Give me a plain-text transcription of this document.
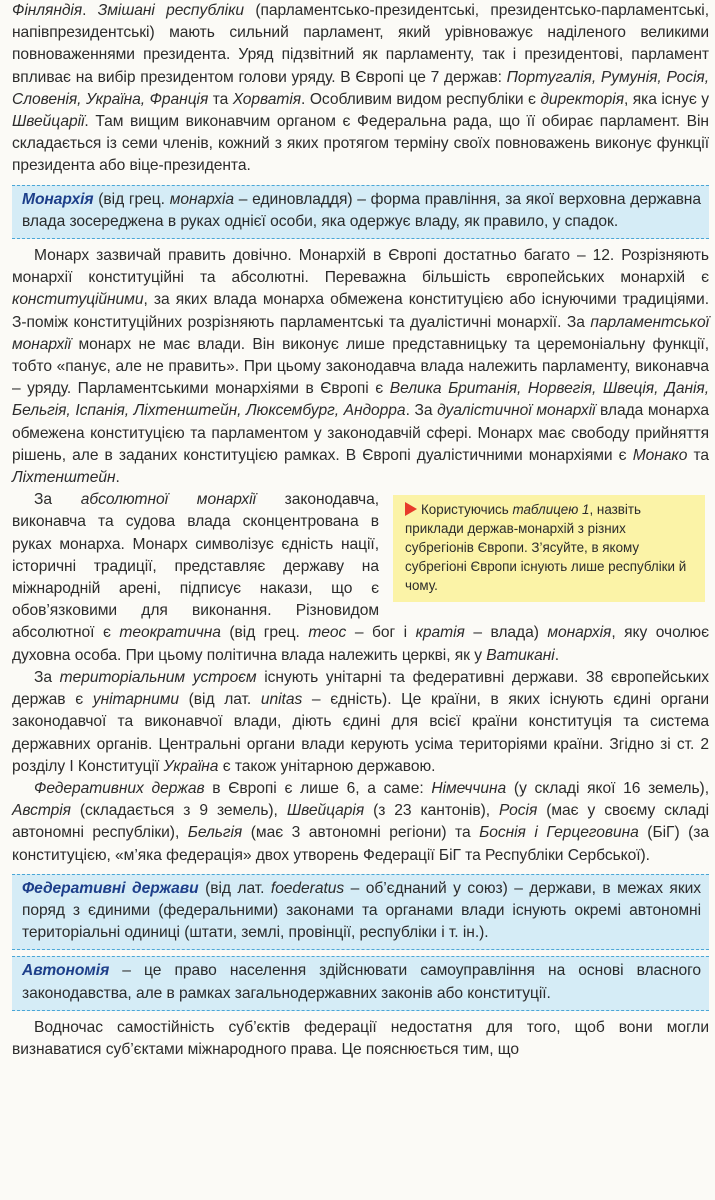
Фінляндія. Змішані республіки (парламентсько-президентські, президентсько-парламентські, напівпрезидентські) мають сильний парламент, який урівноважує наділеного великими повноваженнями президента. Уряд підзвітний як парламенту, так і президентові, парламент впливає на вибір президентом голови уряду. В Європі це 7 держав: Португалія, Румунія, Росія, Словенія, Україна, Франція та Хорватія. Особливим видом республіки є директорія, яка існує у Швейцарії. Там вищим виконавчим органом є Федеральна рада, що її обирає парламент. Він складається із семи членів, кожний з яких протягом терміну своїх повноважень виконує функції президента або віце-президента.

Монархія (від грец. монархіа – единовладдя) – форма правління, за якої верховна державна влада зосереджена в руках однієї особи, яка одержує владу, як правило, у спадок.

Монарх зазвичай править довічно. Монархій в Європі достатньо багато – 12. Розрізняють монархії конституційні та абсолютні. Переважна більшість європейських монархій є конституційними, за яких влада монарха обмежена конституцією або існуючими традиціями. З-поміж конституційних розрізняють парламентські та дуалістичні монархії. За парламентської монархії монарх не має влади. Він виконує лише представницьку та церемоніальну функції, тобто «панує, але не править». При цьому законодавча влада належить парламенту, виконавча – уряду. Парламентськими монархіями в Європі є Велика Британія, Норвегія, Швеція, Данія, Бельгія, Іспанія, Ліхтенштейн, Люксембург, Андорра. За дуалістичної монархії влада монарха обмежена конституцією та парламентом у законодавчій сфері. Монарх має свободу прийняття рішень, але в заданих конституцією рамках. В Європі дуалістичними монархіями є Монако та Ліхтенштейн.

Користуючись таблицею 1, назвіть приклади держав-монархій з різних субрегіонів Європи. З’ясуйте, в якому субрегіоні Європи існують лише республіки й чому.

За абсолютної монархії законодавча, виконавча та судова влада сконцентрована в руках монарха. Монарх символізує єдність нації, історичні традиції, представляє державу на міжнародній арені, підписує накази, що є обов’язковими для виконання. Різновидом абсолютної є теократична (від грец. теос – бог і кратія – влада) монархія, яку очолює духовна особа. При цьому політична влада належить церкві, як у Ватикані.

За територіальним устроєм існують унітарні та федеративні держави. 38 європейських держав є унітарними (від лат. unitas – єдність). Це країни, в яких існують єдині органи законодавчої та виконавчої влади, діють єдині для всієї країни конституція та система державних органів. Центральні органи влади керують усіма територіями країни. Згідно зі ст. 2 розділу І Конституції Україна є також унітарною державою.

Федеративних держав в Європі є лише 6, а саме: Німеччина (у складі якої 16 земель), Австрія (складається з 9 земель), Швейцарія (з 23 кантонів), Росія (має у своєму складі автономні республіки), Бельгія (має 3 автономні регіони) та Боснія і Герцеговина (БіГ) (за конституцією, «м’яка федерація» двох утворень Федерації БіГ та Республіки Сербської).

Федеративні держави (від лат. foederatus – об’єднаний у союз) – держави, в межах яких поряд з єдиними (федеральними) законами та органами влади існують окремі автономні територіальні одиниці (штати, землі, провінції, республіки і т. ін.).

Автономія – це право населення здійснювати самоуправління на основі власного законодавства, але в рамках загальнодержавних законів або конституції.

Водночас самостійність суб’єктів федерації недостатня для того, щоб вони могли визнаватися суб’єктами міжнародного права. Це пояснюється тим, що
